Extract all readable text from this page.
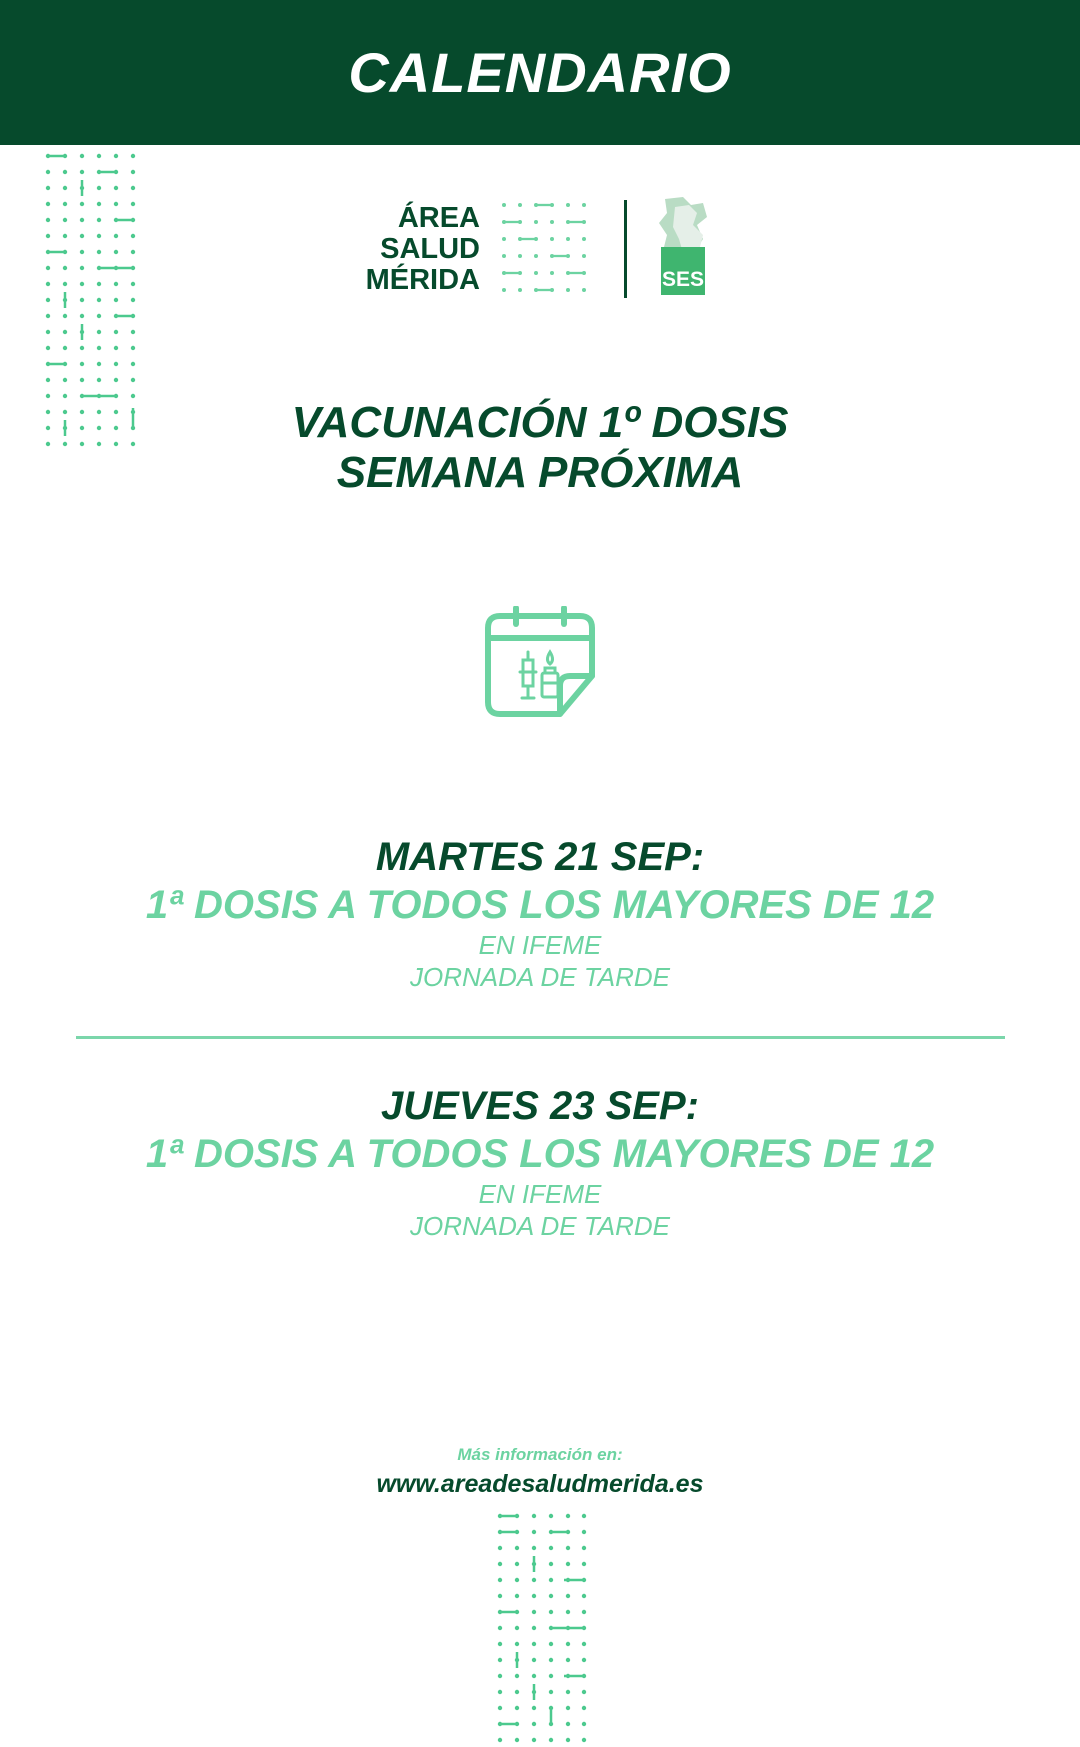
CALENDARIO
ÁREA
SALUD
MÉRIDA	SES
VACUNACIÓN 1º DOSIS
SEMANA PRÓXIMA
MARTES 21 SEP:
1ª DOSIS A TODOS LOS MAYORES DE 12
EN IFEME
JORNADA DE TARDE
JUEVES 23 SEP:
1ª DOSIS A TODOS LOS MAYORES DE 12
EN IFEME
JORNADA DE TARDE
Más información en:
www.areadesaludmerida.es
